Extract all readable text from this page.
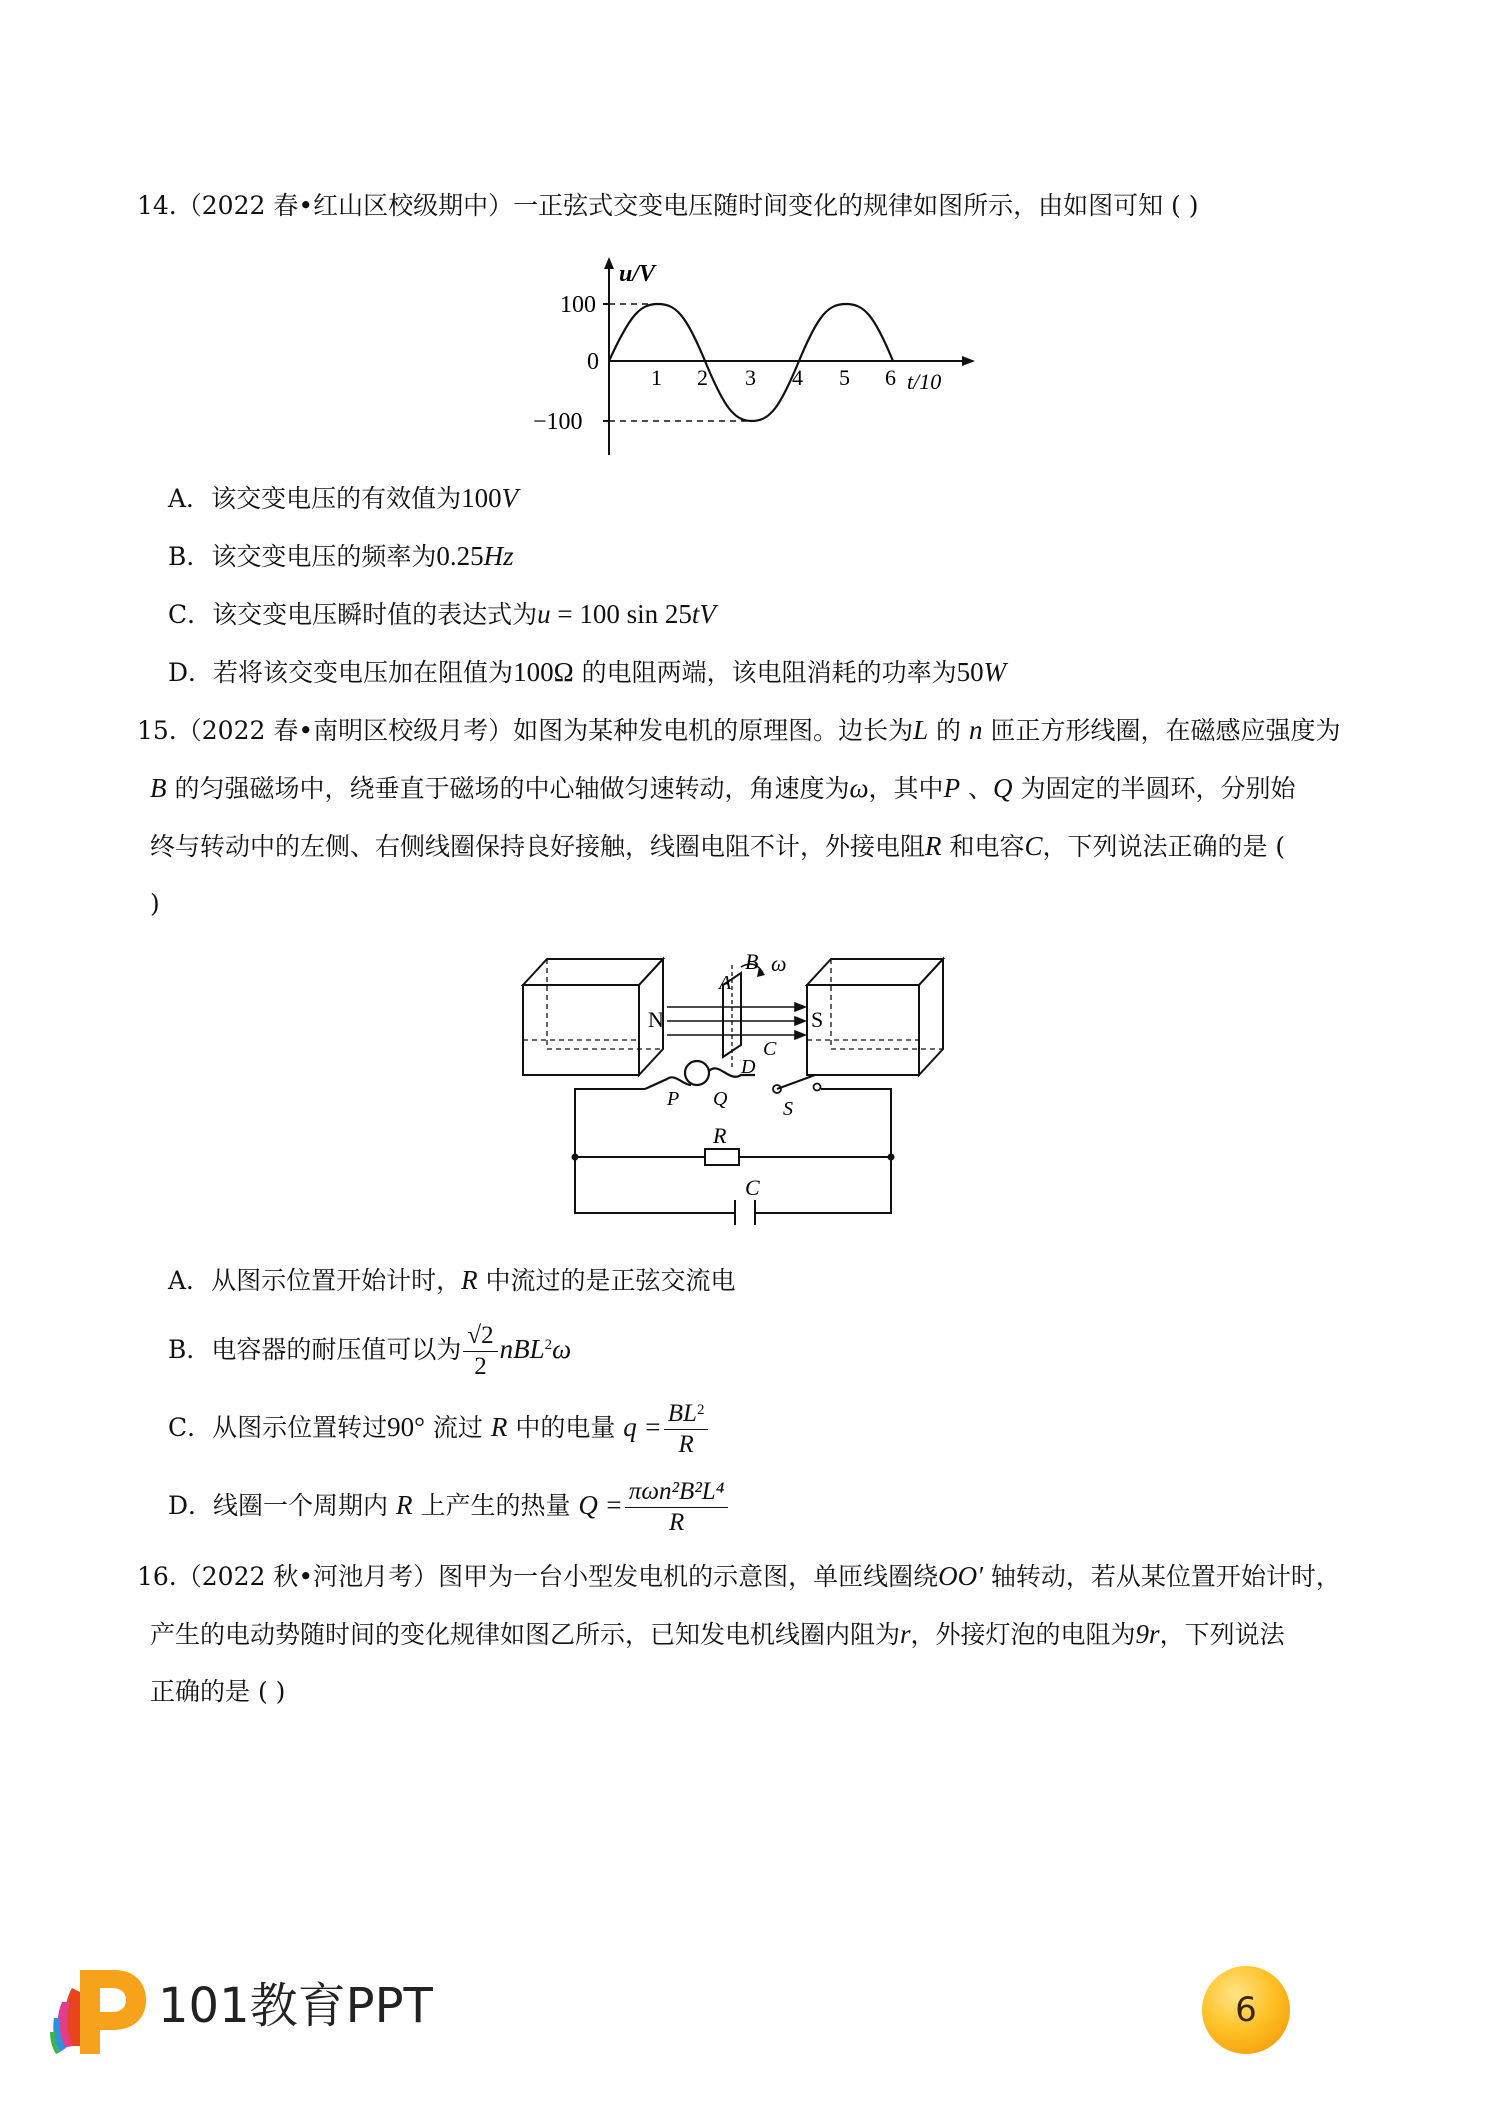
14.（2022 春•红山区校级期中）一正弦式交变电压随时间变化的规律如图所示，由如图可知 ( )
u/V
100
0
−100
1 2 3 4 5 6 t/10
A．该交变电压的有效值为100V
B．该交变电压的频率为0.25Hz
C．该交变电压瞬时值的表达式为u = 100 sin 25tV
D．若将该交变电压加在阻值为100Ω 的电阻两端，该电阻消耗的功率为50W
15.（2022 春•南明区校级月考）如图为某种发电机的原理图。边长为L 的 n 匝正方形线圈，在磁感应强度为
B 的匀强磁场中，绕垂直于磁场的中心轴做匀速转动，角速度为ω，其中P 、Q 为固定的半圆环，分别始
终与转动中的左侧、右侧线圈保持良好接触，线圈电阻不计，外接电阻R 和电容C，下列说法正确的是 (
)
N	S
B ω
A
C
D
P Q	S
R
C
A．从图示位置开始计时，R 中流过的是正弦交流电
B．电容器的耐压值可以为 $\frac{√2}{2} nBL^2\omega$
C．从图示位置转过90° 流过 R 中的电量 $q = \frac{BL^2}{R}$
D．线圈一个周期内 R 上产生的热量 $Q = \frac{\text{πωn²B²L⁴}}{R}$
16.（2022 秋•河池月考）图甲为一台小型发电机的示意图，单匝线圈绕OO′ 轴转动，若从某位置开始计时，
产生的电动势随时间的变化规律如图乙所示，已知发电机线圈内阻为r，外接灯泡的电阻为9r，下列说法
正确的是 ( )
101教育PPT	6
